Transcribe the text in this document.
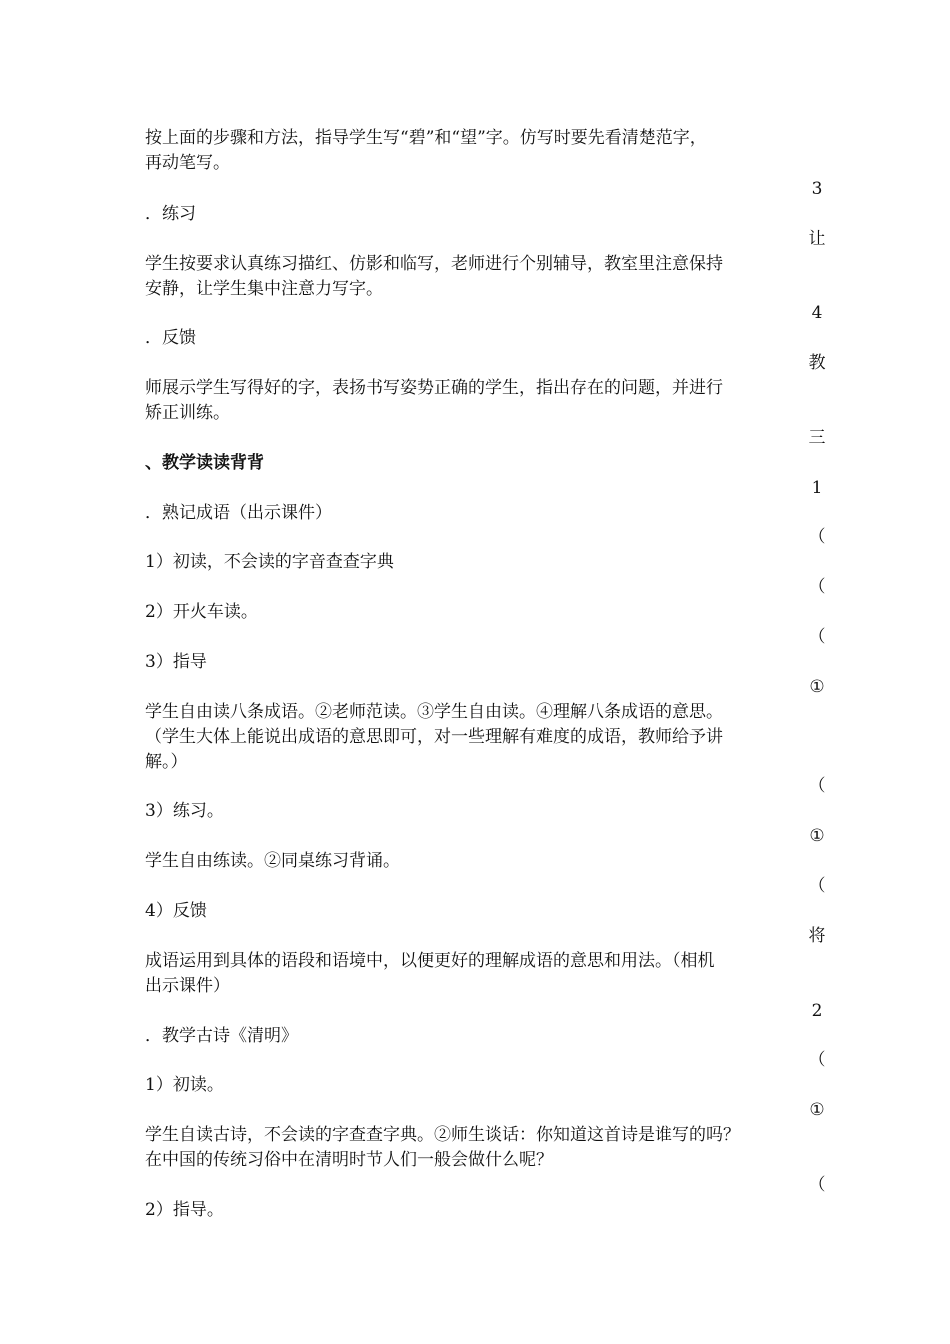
按上面的步骤和方法，指导学生写“碧”和“望”字。仿写时要先看清楚范字，
再动笔写。
．练习
学生按要求认真练习描红、仿影和临写，老师进行个别辅导，教室里注意保持
安静，让学生集中注意力写字。
．反馈
师展示学生写得好的字，表扬书写姿势正确的学生，指出存在的问题，并进行
矫正训练。
、教学读读背背
．熟记成语（出示课件）
1）初读，不会读的字音查查字典
2）开火车读。
3）指导
学生自由读八条成语。②老师范读。③学生自由读。④理解八条成语的意思。
（学生大体上能说出成语的意思即可，对一些理解有难度的成语，教师给予讲
解。）
3）练习。
学生自由练读。②同桌练习背诵。
4）反馈
成语运用到具体的语段和语境中，以便更好的理解成语的意思和用法。（相机
出示课件）
．教学古诗《清明》
1）初读。
学生自读古诗，不会读的字查查字典。②师生谈话：你知道这首诗是谁写的吗？
在中国的传统习俗中在清明时节人们一般会做什么呢？
2）指导。
3
让
4
教
三
1
（
（
（
①
（
①
（
将
2
（
①
（
